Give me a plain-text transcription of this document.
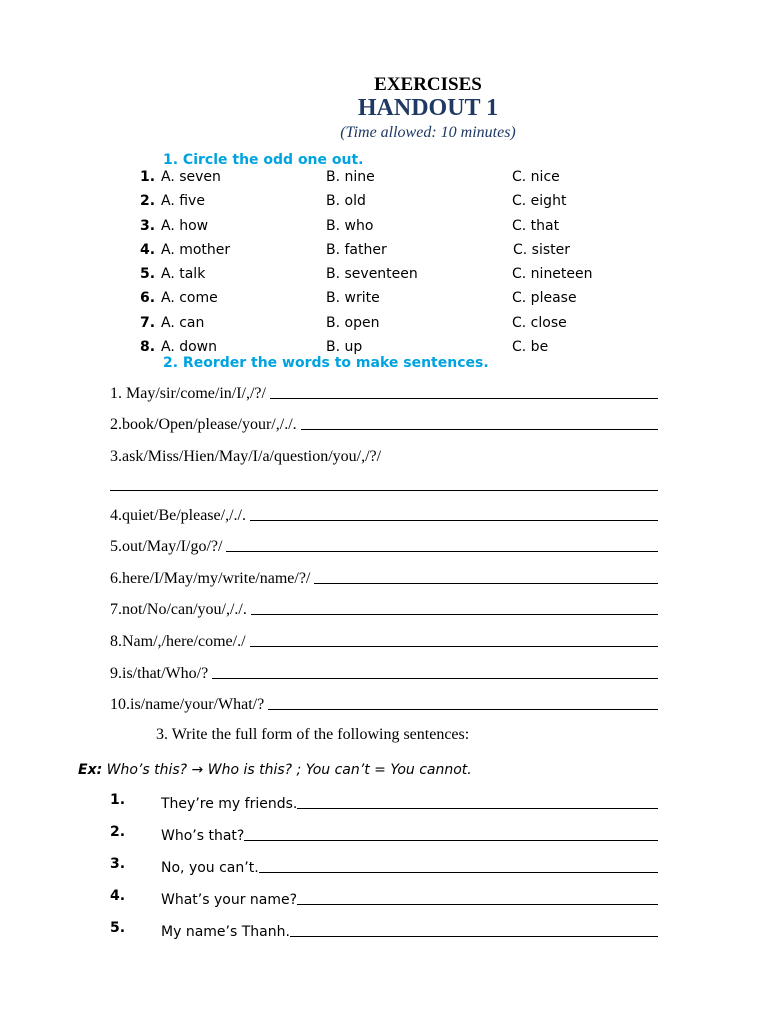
EXERCISES
HANDOUT 1
(Time allowed: 10 minutes)
1. Circle the odd one out.
1. A. seven	B. nine	C. nice
2. A. five	B. old	C. eight
3. A. how	B. who	C. that
4. A. mother	B. father	C. sister
5. A. talk	B. seventeen	C. nineteen
6. A. come	B. write	C. please
7. A. can	B. open	C. close
8. A. down	B. up	C. be
2. Reorder the words to make sentences.
1. May/sir/come/in/I/,/?/
2.book/Open/please/your/,/./.
3.ask/Miss/Hien/May/I/a/question/you/,/?/
4.quiet/Be/please/,/./.
5.out/May/I/go/?/
6.here/I/May/my/write/name/?/
7.not/No/can/you/,/./.
8.Nam/,/here/come/./
9.is/that/Who/?
10.is/name/your/What/?
3. Write the full form of the following sentences:
Ex: Who’s this? → Who is this? ; You can’t = You cannot.
1.	They’re my friends.
2.	Who’s that?
3.	No, you can’t.
4.	What’s your name?
5.	My name’s Thanh.
